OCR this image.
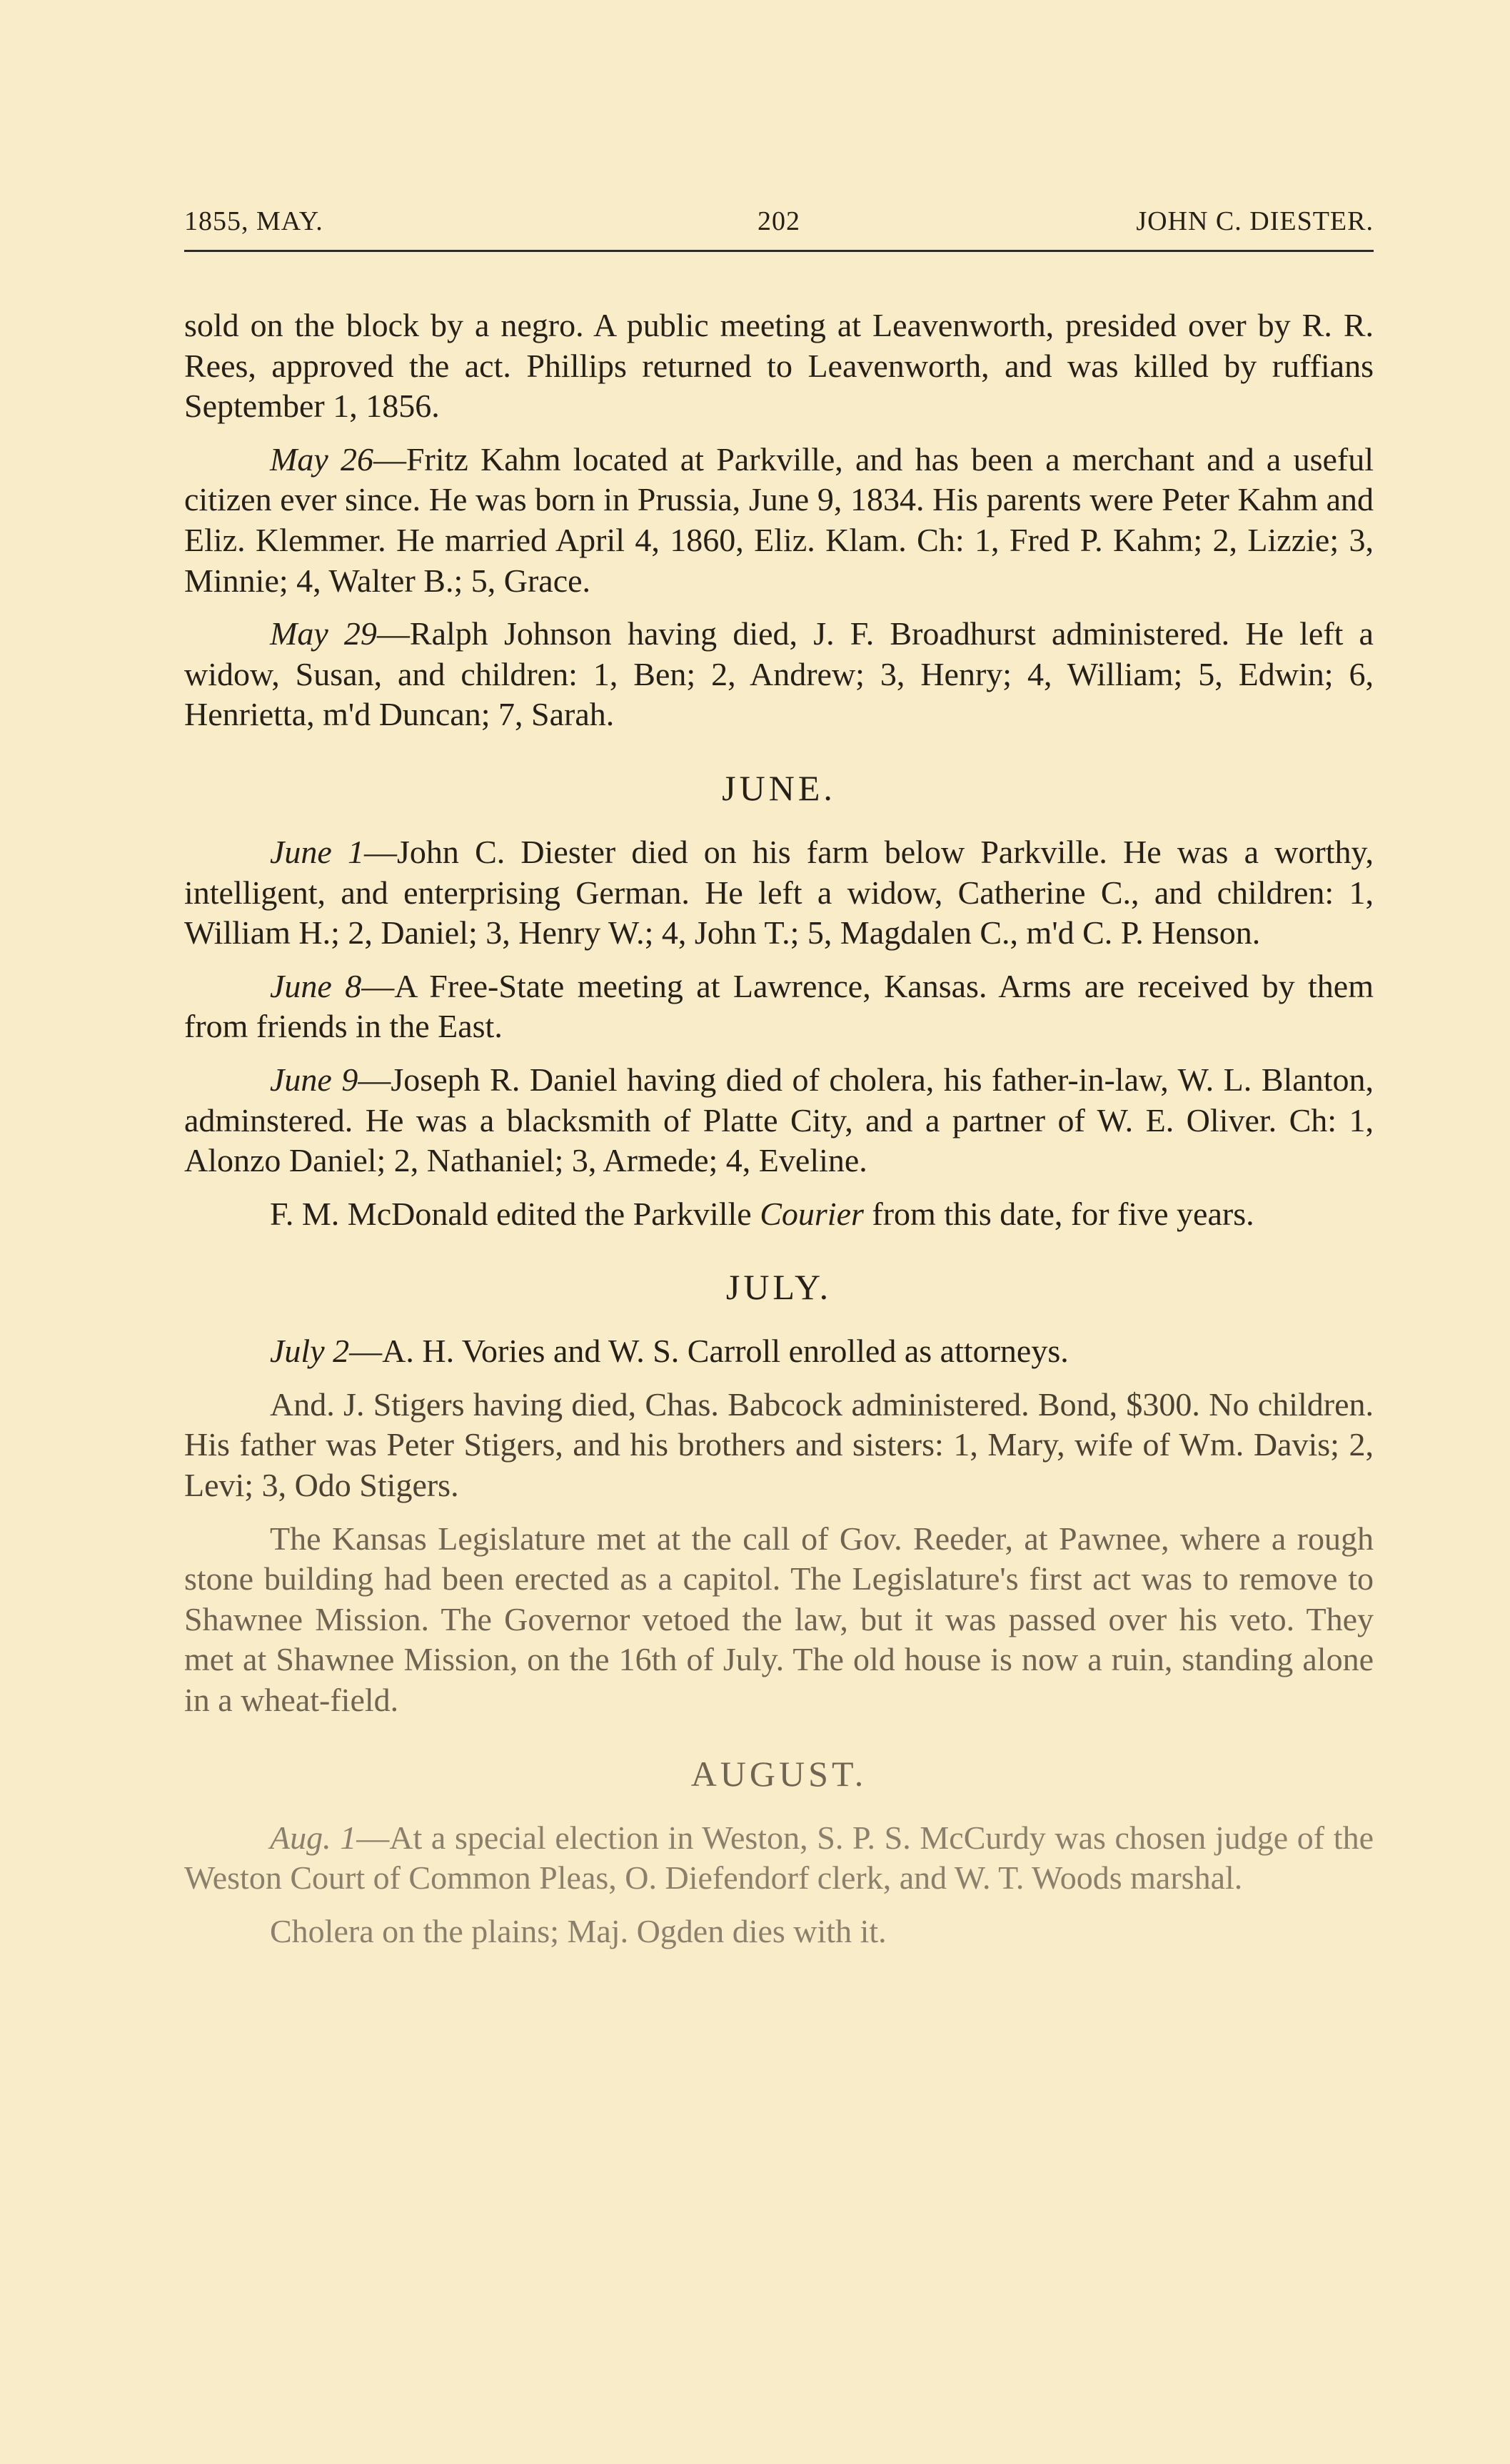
1855, MAY.	202	JOHN C. DIESTER.

sold on the block by a negro. A public meeting at Leavenworth, presided over by R. R. Rees, approved the act. Phillips returned to Leavenworth, and was killed by ruffians September 1, 1856.

May 26—Fritz Kahm located at Parkville, and has been a merchant and a useful citizen ever since. He was born in Prussia, June 9, 1834. His parents were Peter Kahm and Eliz. Klemmer. He married April 4, 1860, Eliz. Klam. Ch: 1, Fred P. Kahm; 2, Lizzie; 3, Minnie; 4, Walter B.; 5, Grace.

May 29—Ralph Johnson having died, J. F. Broadhurst administered. He left a widow, Susan, and children: 1, Ben; 2, Andrew; 3, Henry; 4, William; 5, Edwin; 6, Henrietta, m'd Duncan; 7, Sarah.

JUNE.

June 1—John C. Diester died on his farm below Parkville. He was a worthy, intelligent, and enterprising German. He left a widow, Catherine C., and children: 1, William H.; 2, Daniel; 3, Henry W.; 4, John T.; 5, Magdalen C., m'd C. P. Henson.

June 8—A Free-State meeting at Lawrence, Kansas. Arms are received by them from friends in the East.

June 9—Joseph R. Daniel having died of cholera, his father-in-law, W. L. Blanton, adminstered. He was a blacksmith of Platte City, and a partner of W. E. Oliver. Ch: 1, Alonzo Daniel; 2, Nathaniel; 3, Armede; 4, Eveline.

F. M. McDonald edited the Parkville Courier from this date, for five years.

JULY.

July 2—A. H. Vories and W. S. Carroll enrolled as attorneys.

And. J. Stigers having died, Chas. Babcock administered. Bond, $300. No children. His father was Peter Stigers, and his brothers and sisters: 1, Mary, wife of Wm. Davis; 2, Levi; 3, Odo Stigers.

The Kansas Legislature met at the call of Gov. Reeder, at Pawnee, where a rough stone building had been erected as a capitol. The Legislature's first act was to remove to Shawnee Mission. The Governor vetoed the law, but it was passed over his veto. They met at Shawnee Mission, on the 16th of July. The old house is now a ruin, standing alone in a wheat-field.

AUGUST.

Aug. 1—At a special election in Weston, S. P. S. McCurdy was chosen judge of the Weston Court of Common Pleas, O. Diefendorf clerk, and W. T. Woods marshal.

Cholera on the plains; Maj. Ogden dies with it.
